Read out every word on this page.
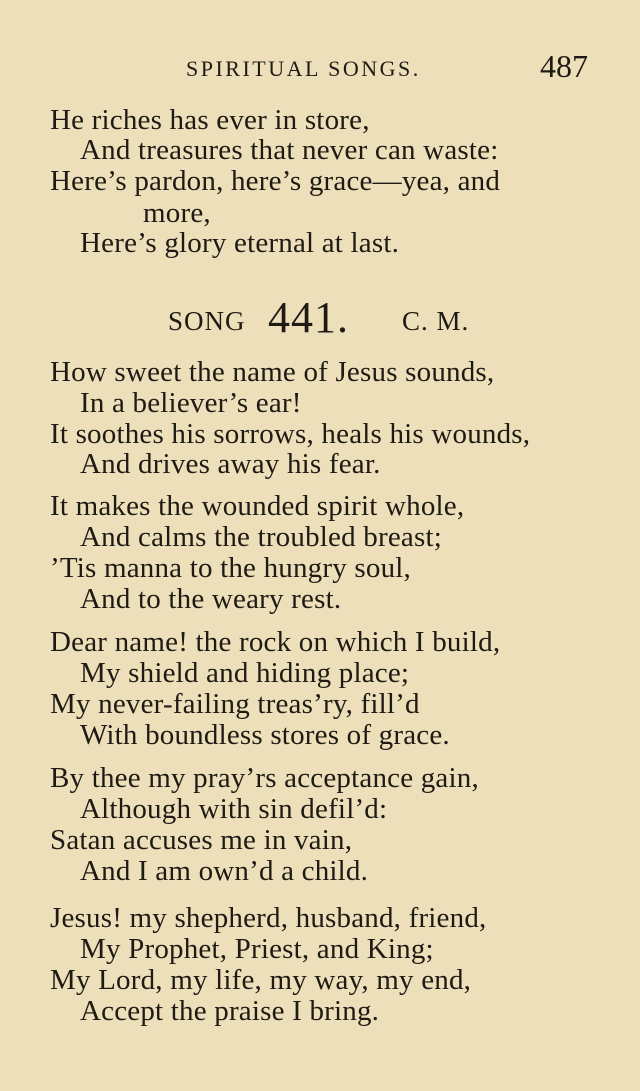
SPIRITUAL SONGS.	487
He riches has ever in store,
And treasures that never can waste:
Here’s pardon, here’s grace—yea, and
more,
Here’s glory eternal at last.
SONG 441. C. M.
How sweet the name of Jesus sounds,
In a believer’s ear!
It soothes his sorrows, heals his wounds,
And drives away his fear.
It makes the wounded spirit whole,
And calms the troubled breast;
’Tis manna to the hungry soul,
And to the weary rest.
Dear name! the rock on which I build,
My shield and hiding place;
My never-failing treas’ry, fill’d
With boundless stores of grace.
By thee my pray’rs acceptance gain,
Although with sin defil’d:
Satan accuses me in vain,
And I am own’d a child.
Jesus! my shepherd, husband, friend,
My Prophet, Priest, and King;
My Lord, my life, my way, my end,
Accept the praise I bring.
